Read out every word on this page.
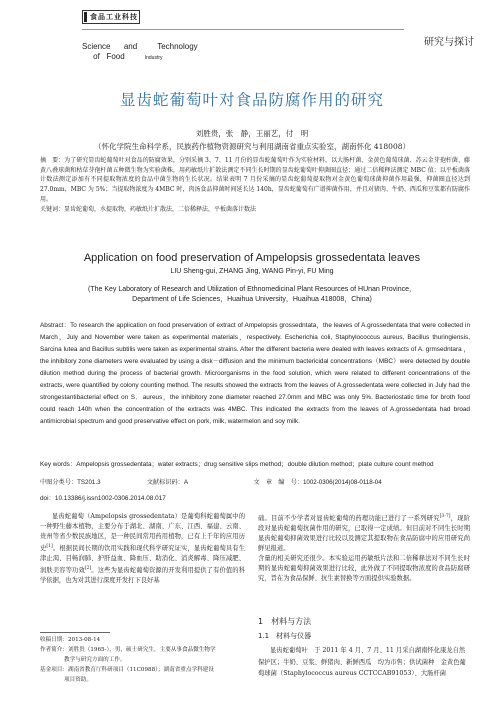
食品工业科技
研究与探讨
Science and	Technology
of Food	Industry
显齿蛇葡萄叶对食品防腐作用的研究
刘胜贵，张　静，王丽艺，付　明
（怀化学院生命科学系，民族药作植物资源研究与利用湖南省重点实验室，湖南怀化 418008）

摘　要：为了研究显齿蛇葡萄叶对食品的防腐效果，分别采摘 3、7、11 月份的显齿蛇葡萄叶作为实验材料，以大肠杆菌、金黄色葡萄球菌、苏云金芽孢杆菌、藤黄八叠球菌和枯草芽孢杆菌五种微生物为实验菌株，用药敏纸片扩散法测定不同生长时期的显齿蛇葡萄叶抑菌圈直径；通过二倍稀释法测定 MBC 值；以平板菌落计数法测定添加有不同提取物浓度的食品中菌生物的生长状况。结果表明 7 月份采摘的显齿蛇葡萄提取物对金黄色葡萄球菌抑菌作用最强，抑菌圈直径达到 27.0mm，MBC 为 5%；当提取物浓度为 4MBC 时，肉汤食品抑菌时间延长达 140h，显齿蛇葡萄有广谱抑菌作用，并且对猪肉、牛奶、西瓜和豆浆都有防腐作用。

关键词：显齿蛇葡萄，水提取物，药敏纸片扩散法，二倍稀释法，平板菌落计数法

Application on food preservation of Ampelopsis grossedentata leaves
LIU Sheng-gui, ZHANG Jing, WANG Pin-yi, FU Ming
(The Key Laboratory of Research and Utilization of Ethnomedicinal Plant Resources of HUnan Province，
Department of Life Sciences，Huaihua University，Huaihua 418008，China)
Abstract：To research the application on food preservation of extract of Ampelopsis grossedntata，the leaves of A.grossedentata that were collected in March，July and November were taken as experimental materials，respectively. Escherichia coli, Staphylococcus aureus, Bacillus thuringiensis, Sarcina lutea and Bacillus subtilis were taken as experimental strains. After the different bacteria were dealed with leaves extracts of A. grmsedntara ，the inhibitory zone diameters were evaluated by using a disk－diffusion and the minimum bactericidal concentrations（MBC）were detected by double dilution method during the process of bacterial growth. Microorganisms in the food solution, which were related to different concentrations of the extracts, were quantified by colony counting method. The results showed the extracts from the leaves of A.grossedentata were collected in July had the strongestantibacterial effect on S．aureus，the inhibitory zone diameter reached 27.0mm and MBC was only 5%. Bacteriostatic time for broth food could reach 140h when the concentration of the extracts was 4MBC. This indicated the extracts from the leaves of A.grossedentata had broad antimicrobial spectrum and good preservative effect on pork, milk, watermelon and soy milk.
Key words：Ampelopsis grossedentata；water extracts；drug sensitive slips method；double dilution method；plate culture count method
中图分类号：TS201.3	文献标识码：A	文　章　编　号：1002-0306(2014)08-0118-04
doi：10.13386/j.issn1002-0306.2014.08.017
显齿蛇葡萄（Ampelopsis grossedentata）是葡萄科蛇葡萄属中的一种野生藤本植物，主要分布于湖北、湖南、广东、江西、福建、云南、贵州等省少数民族地区，是一种民间常用药用植物，已有上千年的应用历史[1]。根据民间长期的饮用实践和现代科学研究证实，显齿蛇葡萄具有生津止渴、目畅润肺、护肝益血、降血压、助消化、消炎解毒、降压减肥、润肤美容等功效[2]。这些为显齿蛇葡萄资源的开发利用提供了有价值的科学依据，也为对其进行深度开发打下良好基

础。目前不少学者对显齿蛇葡萄的药理功能已进行了一系列研究[3-7]，现阶段对显齿蛇葡萄抗菌作用的研究，已取得一定成绩。但目前对不同生长时期显齿蛇葡萄抑菌效果进行比较以及测定其提取物在食品防腐中的应用研究尚鲜见报道。

含量的相关研究还很少。本实验运用药敏纸片法和二倍稀释法对不同生长时期的显齿蛇葡萄抑菌效果进行比较，此外做了不同提取物浓度的食品防腐研究，旨在为食品保鲜、抗生素替换等方面提供实验数据。

1　材料与方法
1.1　材料与仪器
显齿蛇葡萄叶　于 2011 年 4 月、7 月、11 月采自湖南怀化康龙自然保护区；牛奶、豆浆、鲜猪肉、新鲜西瓜　均为市售；供试菌种　金黄色葡萄球菌（Staphylococcus aureus CCTCCAB91053）、大肠杆菌

收稿日期：2013-08-14

作者简介：刘胜贵（1965-），男，硕士研究生，主要从事食品微生物学

教学与研究方面的工作。

基金项目：湖南省教育厅科研项目（11C0988）；湖南省重点学科建设

项目资助。
